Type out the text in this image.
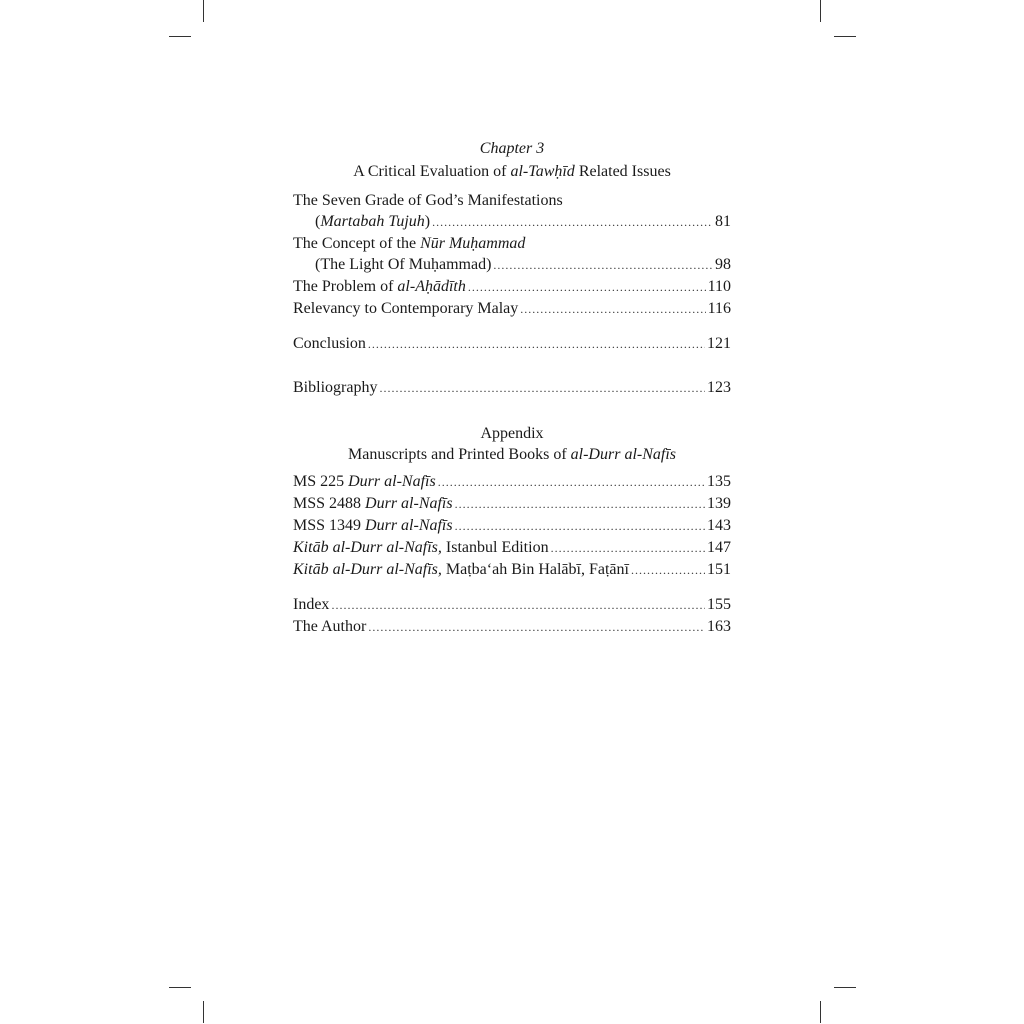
Chapter 3
A Critical Evaluation of al-Tawḥīd Related Issues
The Seven Grade of God’s Manifestations
(Martabah Tujuh) .....	81
The Concept of the Nūr Muḥammad
(The Light Of Muḥammad) .....	98
The Problem of al-Aḥādīth .....	110
Relevancy to Contemporary Malay .....	116
Conclusion .....	121
Bibliography .....	123
Appendix
Manuscripts and Printed Books of al-Durr al-Nafīs
MS 225 Durr al-Nafīs .....	135
MSS 2488 Durr al-Nafīs .....	139
MSS 1349 Durr al-Nafīs .....	143
Kitāb al-Durr al-Nafīs, Istanbul Edition .....	147
Kitāb al-Durr al-Nafīs, Maṭba‘ah Bin Halābī, Faṭānī .....	151
Index .....	155
The Author .....	163
